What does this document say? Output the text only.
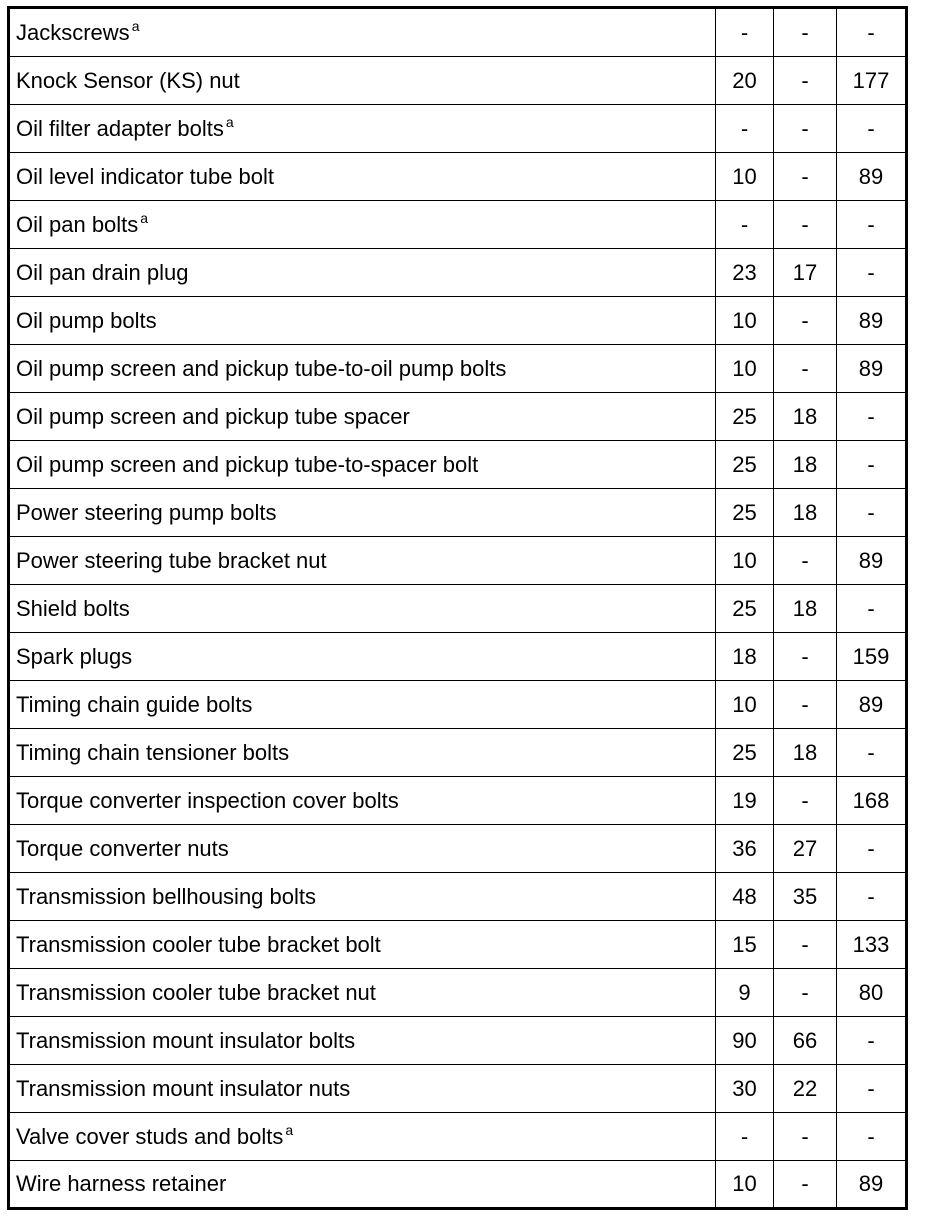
Jackscrews $^a$	-	-	-
Knock Sensor (KS) nut	20	-	177
Oil filter adapter bolts $^a$	-	-	-
Oil level indicator tube bolt	10	-	89
Oil pan bolts $^a$	-	-	-
Oil pan drain plug	23	17	-
Oil pump bolts	10	-	89
Oil pump screen and pickup tube-to-oil pump bolts	10	-	89
Oil pump screen and pickup tube spacer	25	18	-
Oil pump screen and pickup tube-to-spacer bolt	25	18	-
Power steering pump bolts	25	18	-
Power steering tube bracket nut	10	-	89
Shield bolts	25	18	-
Spark plugs	18	-	159
Timing chain guide bolts	10	-	89
Timing chain tensioner bolts	25	18	-
Torque converter inspection cover bolts	19	-	168
Torque converter nuts	36	27	-
Transmission bellhousing bolts	48	35	-
Transmission cooler tube bracket bolt	15	-	133
Transmission cooler tube bracket nut	9	-	80
Transmission mount insulator bolts	90	66	-
Transmission mount insulator nuts	30	22	-
Valve cover studs and bolts $^a$	-	-	-
Wire harness retainer	10	-	89
